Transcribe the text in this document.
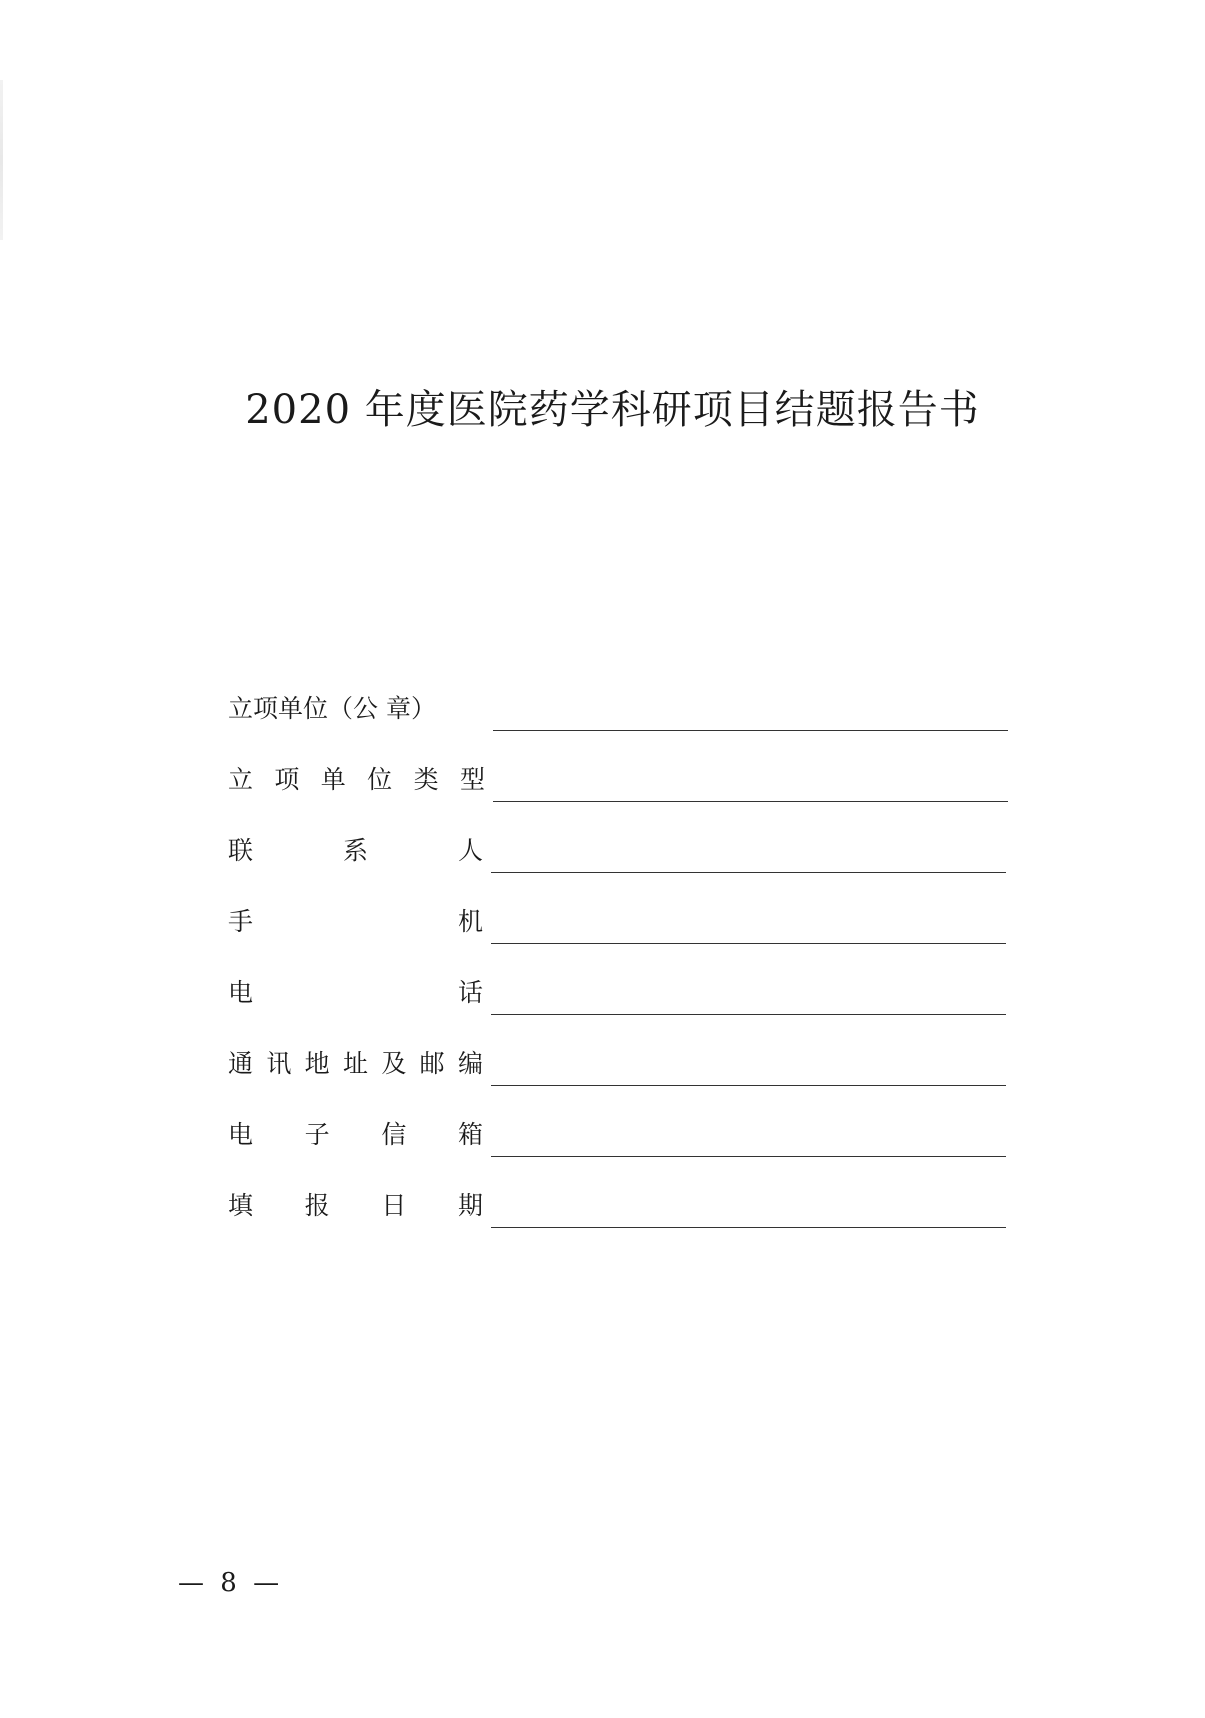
2020 年度医院药学科研项目结题报告书
立项单位（公 章）
立 项 单 位 类 型
联	系	人
手	机
电	话
通 讯 地 址 及 邮 编
电 子 信 箱
填 报 日 期
— 8 —
